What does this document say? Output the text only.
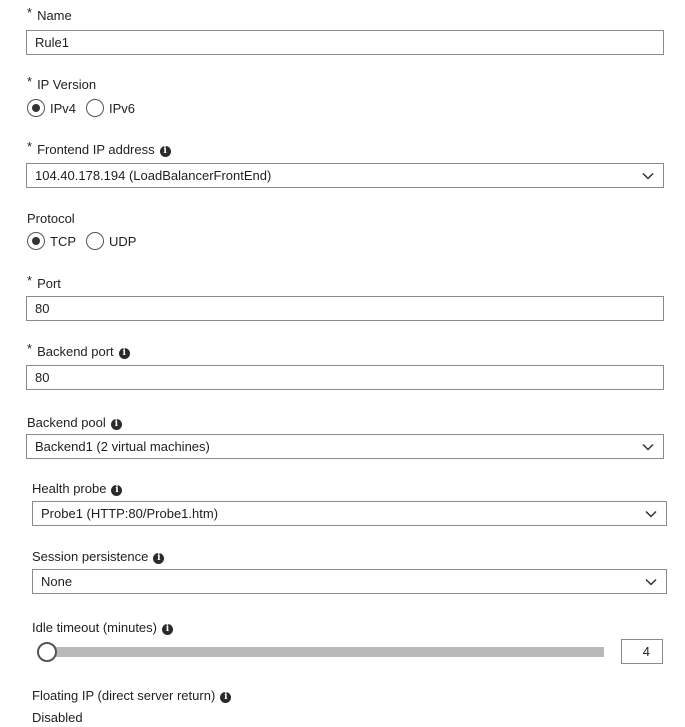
* Name
Rule1
* IP Version
IPv4	IPv6
* Frontend IP address i
104.40.178.194 (LoadBalancerFrontEnd)
Protocol
TCP	UDP
* Port
80
* Backend port i
80
Backend pool i
Backend1 (2 virtual machines)
Health probe i
Probe1 (HTTP:80/Probe1.htm)
Session persistence i
None
Idle timeout (minutes) i
4
Floating IP (direct server return) i
Disabled
